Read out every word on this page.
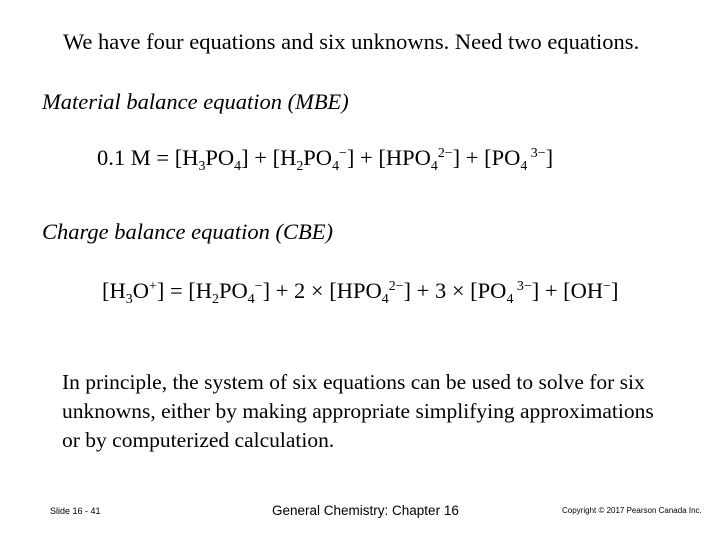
We have four equations and six unknowns. Need two equations.
Material balance equation (MBE)
0.1 $M = [H_3PO_4] + [H_2PO_4^-] + [HPO_4^{2-}] + [PO_4$ $^{3-}$]
Charge balance equation (CBE)
$[H_3O^+] = [H_2PO_4^-] + 2 \times [HPO_4^{2-}] + 3 \times [PO_4$ $^{3-}$] + [OH−]
In principle, the system of six equations can be used to solve for six unknowns, either by making appropriate simplifying approximations or by computerized calculation.
Slide 16 - 41	General Chemistry: Chapter 16	Copyright © 2017 Pearson Canada Inc.
